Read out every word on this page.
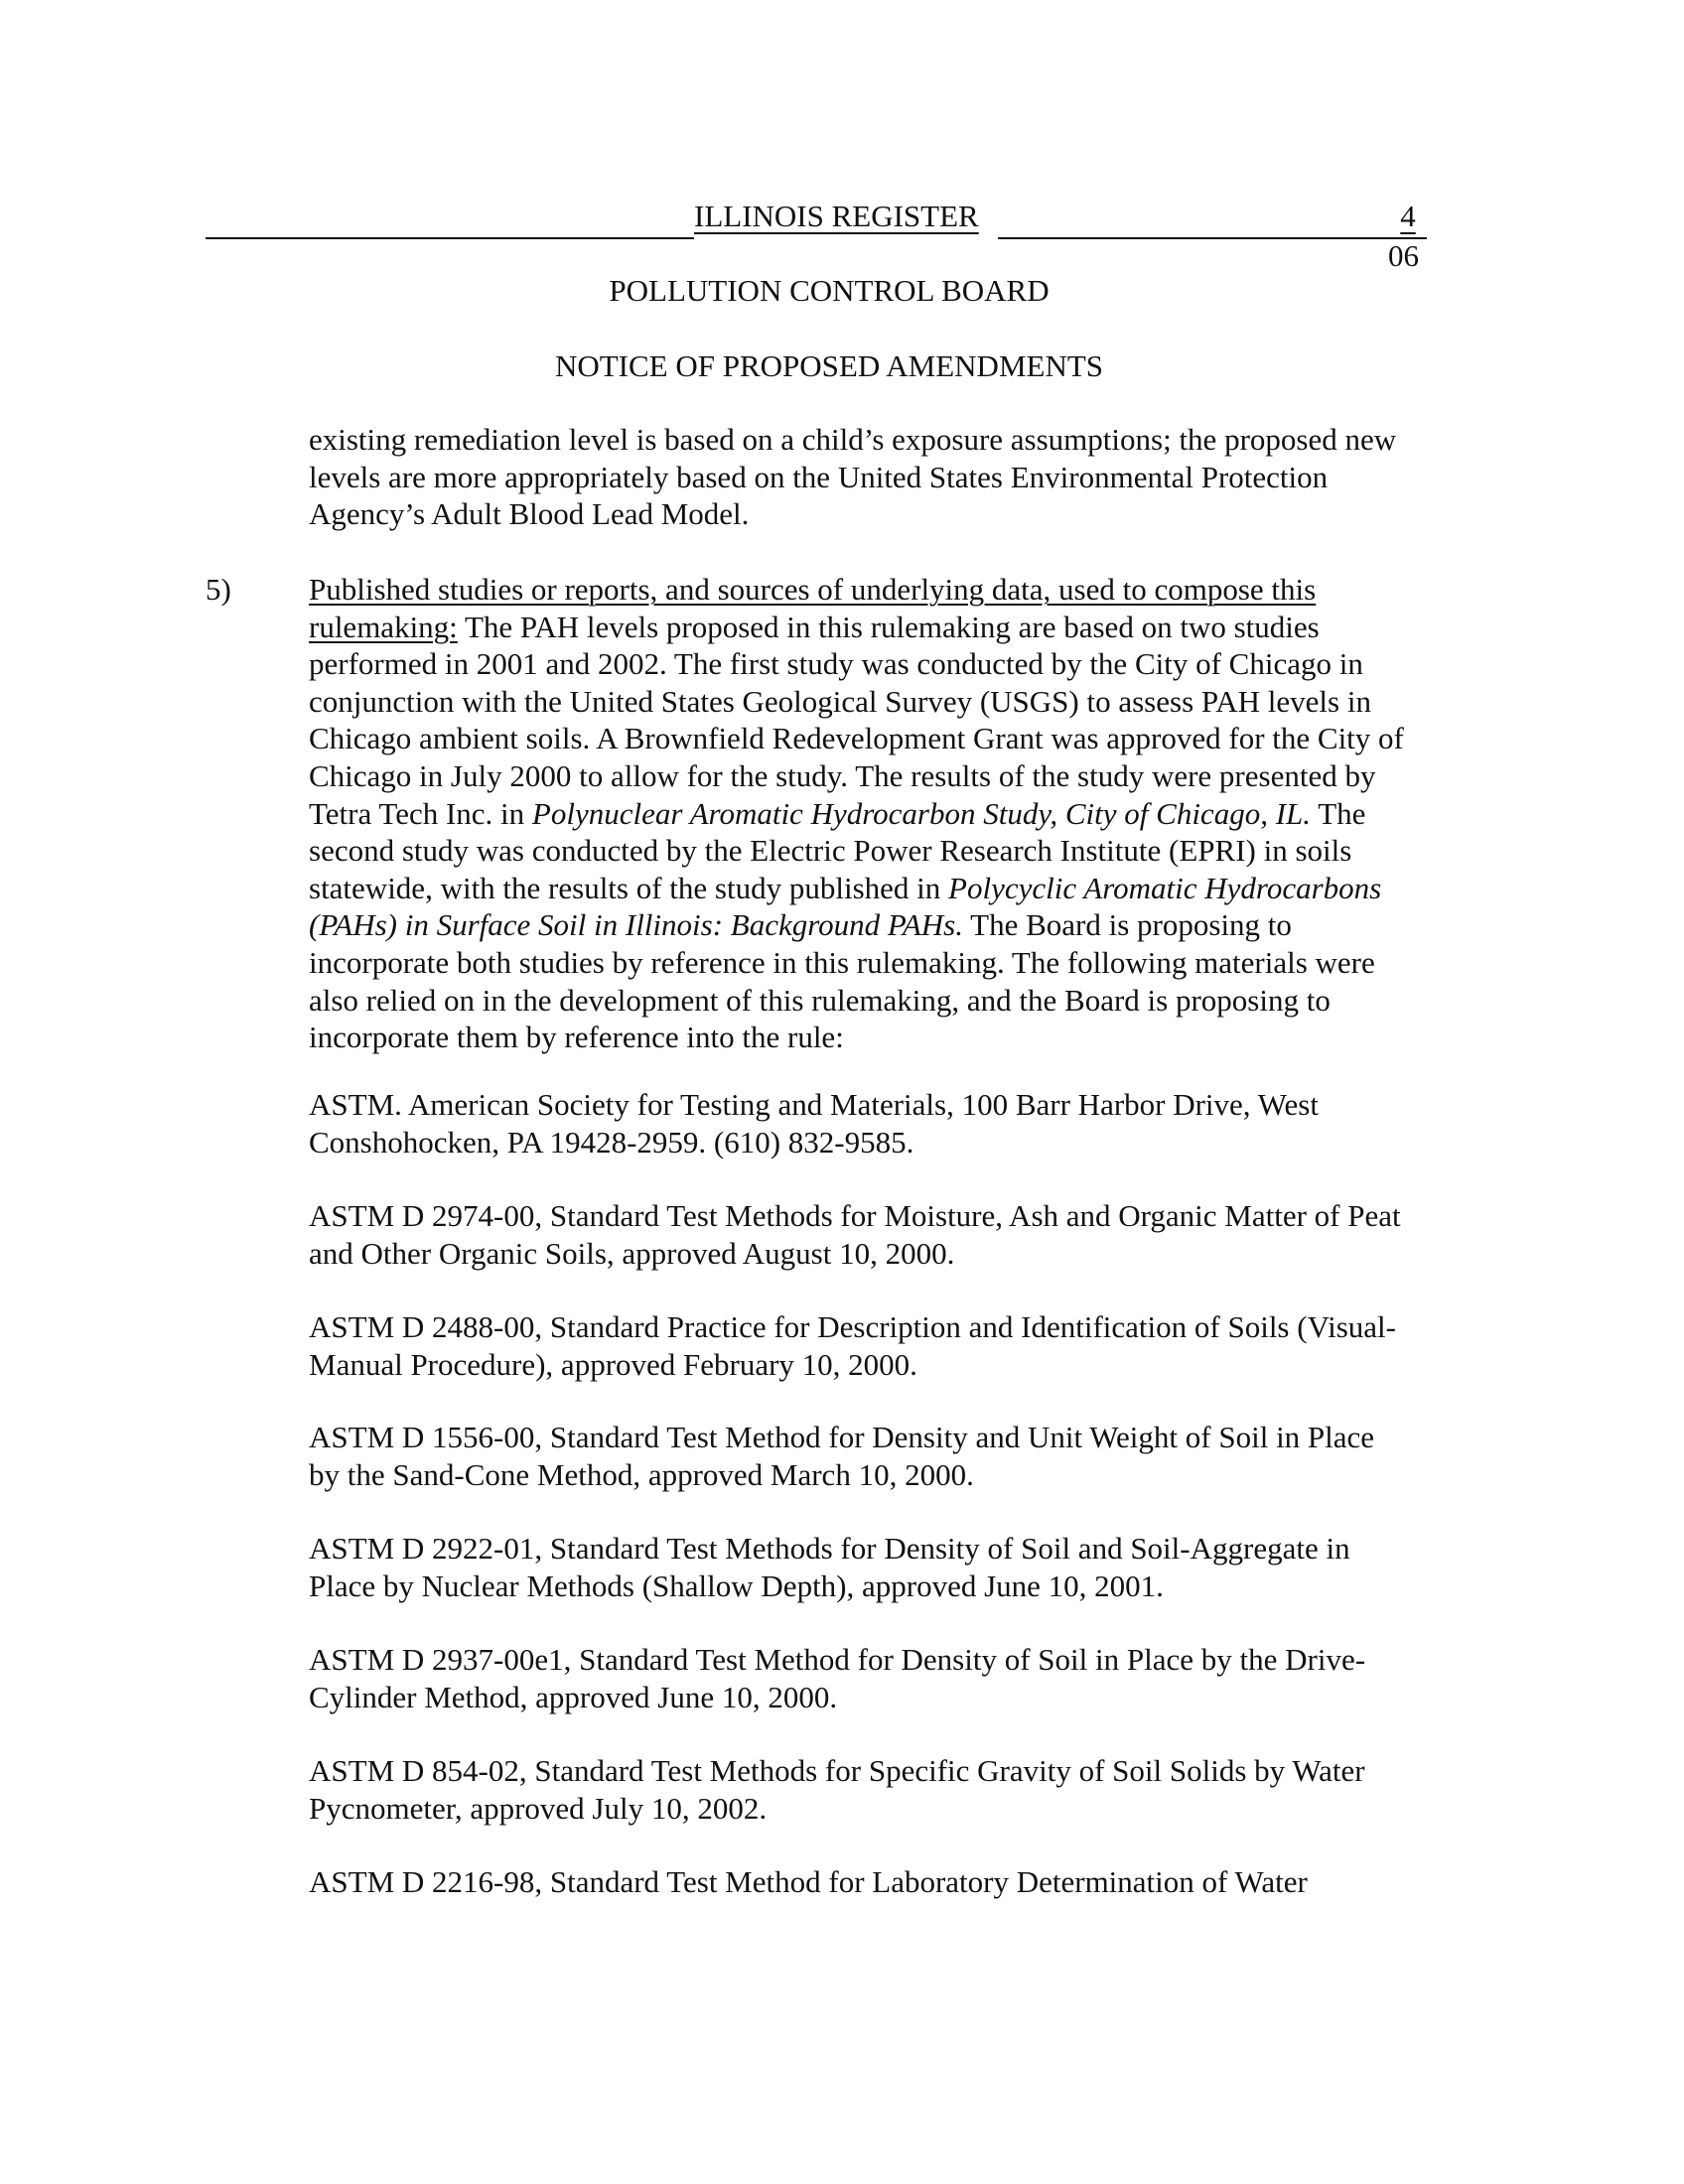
ILLINOIS REGISTER	4
06
POLLUTION CONTROL BOARD
NOTICE OF PROPOSED AMENDMENTS
existing remediation level is based on a child’s exposure assumptions; the proposed new
levels are more appropriately based on the United States Environmental Protection
Agency’s Adult Blood Lead Model.
5)	Published studies or reports, and sources of underlying data, used to compose this
rulemaking: The PAH levels proposed in this rulemaking are based on two studies
performed in 2001 and 2002. The first study was conducted by the City of Chicago in
conjunction with the United States Geological Survey (USGS) to assess PAH levels in
Chicago ambient soils. A Brownfield Redevelopment Grant was approved for the City of
Chicago in July 2000 to allow for the study. The results of the study were presented by
Tetra Tech Inc. in Polynuclear Aromatic Hydrocarbon Study, City of Chicago, IL. The
second study was conducted by the Electric Power Research Institute (EPRI) in soils
statewide, with the results of the study published in Polycyclic Aromatic Hydrocarbons
(PAHs) in Surface Soil in Illinois: Background PAHs. The Board is proposing to
incorporate both studies by reference in this rulemaking. The following materials were
also relied on in the development of this rulemaking, and the Board is proposing to
incorporate them by reference into the rule:
ASTM. American Society for Testing and Materials, 100 Barr Harbor Drive, West
Conshohocken, PA 19428-2959. (610) 832-9585.
ASTM D 2974-00, Standard Test Methods for Moisture, Ash and Organic Matter of Peat
and Other Organic Soils, approved August 10, 2000.
ASTM D 2488-00, Standard Practice for Description and Identification of Soils (Visual-
Manual Procedure), approved February 10, 2000.
ASTM D 1556-00, Standard Test Method for Density and Unit Weight of Soil in Place
by the Sand-Cone Method, approved March 10, 2000.
ASTM D 2922-01, Standard Test Methods for Density of Soil and Soil-Aggregate in
Place by Nuclear Methods (Shallow Depth), approved June 10, 2001.
ASTM D 2937-00e1, Standard Test Method for Density of Soil in Place by the Drive-
Cylinder Method, approved June 10, 2000.
ASTM D 854-02, Standard Test Methods for Specific Gravity of Soil Solids by Water
Pycnometer, approved July 10, 2002.
ASTM D 2216-98, Standard Test Method for Laboratory Determination of Water
